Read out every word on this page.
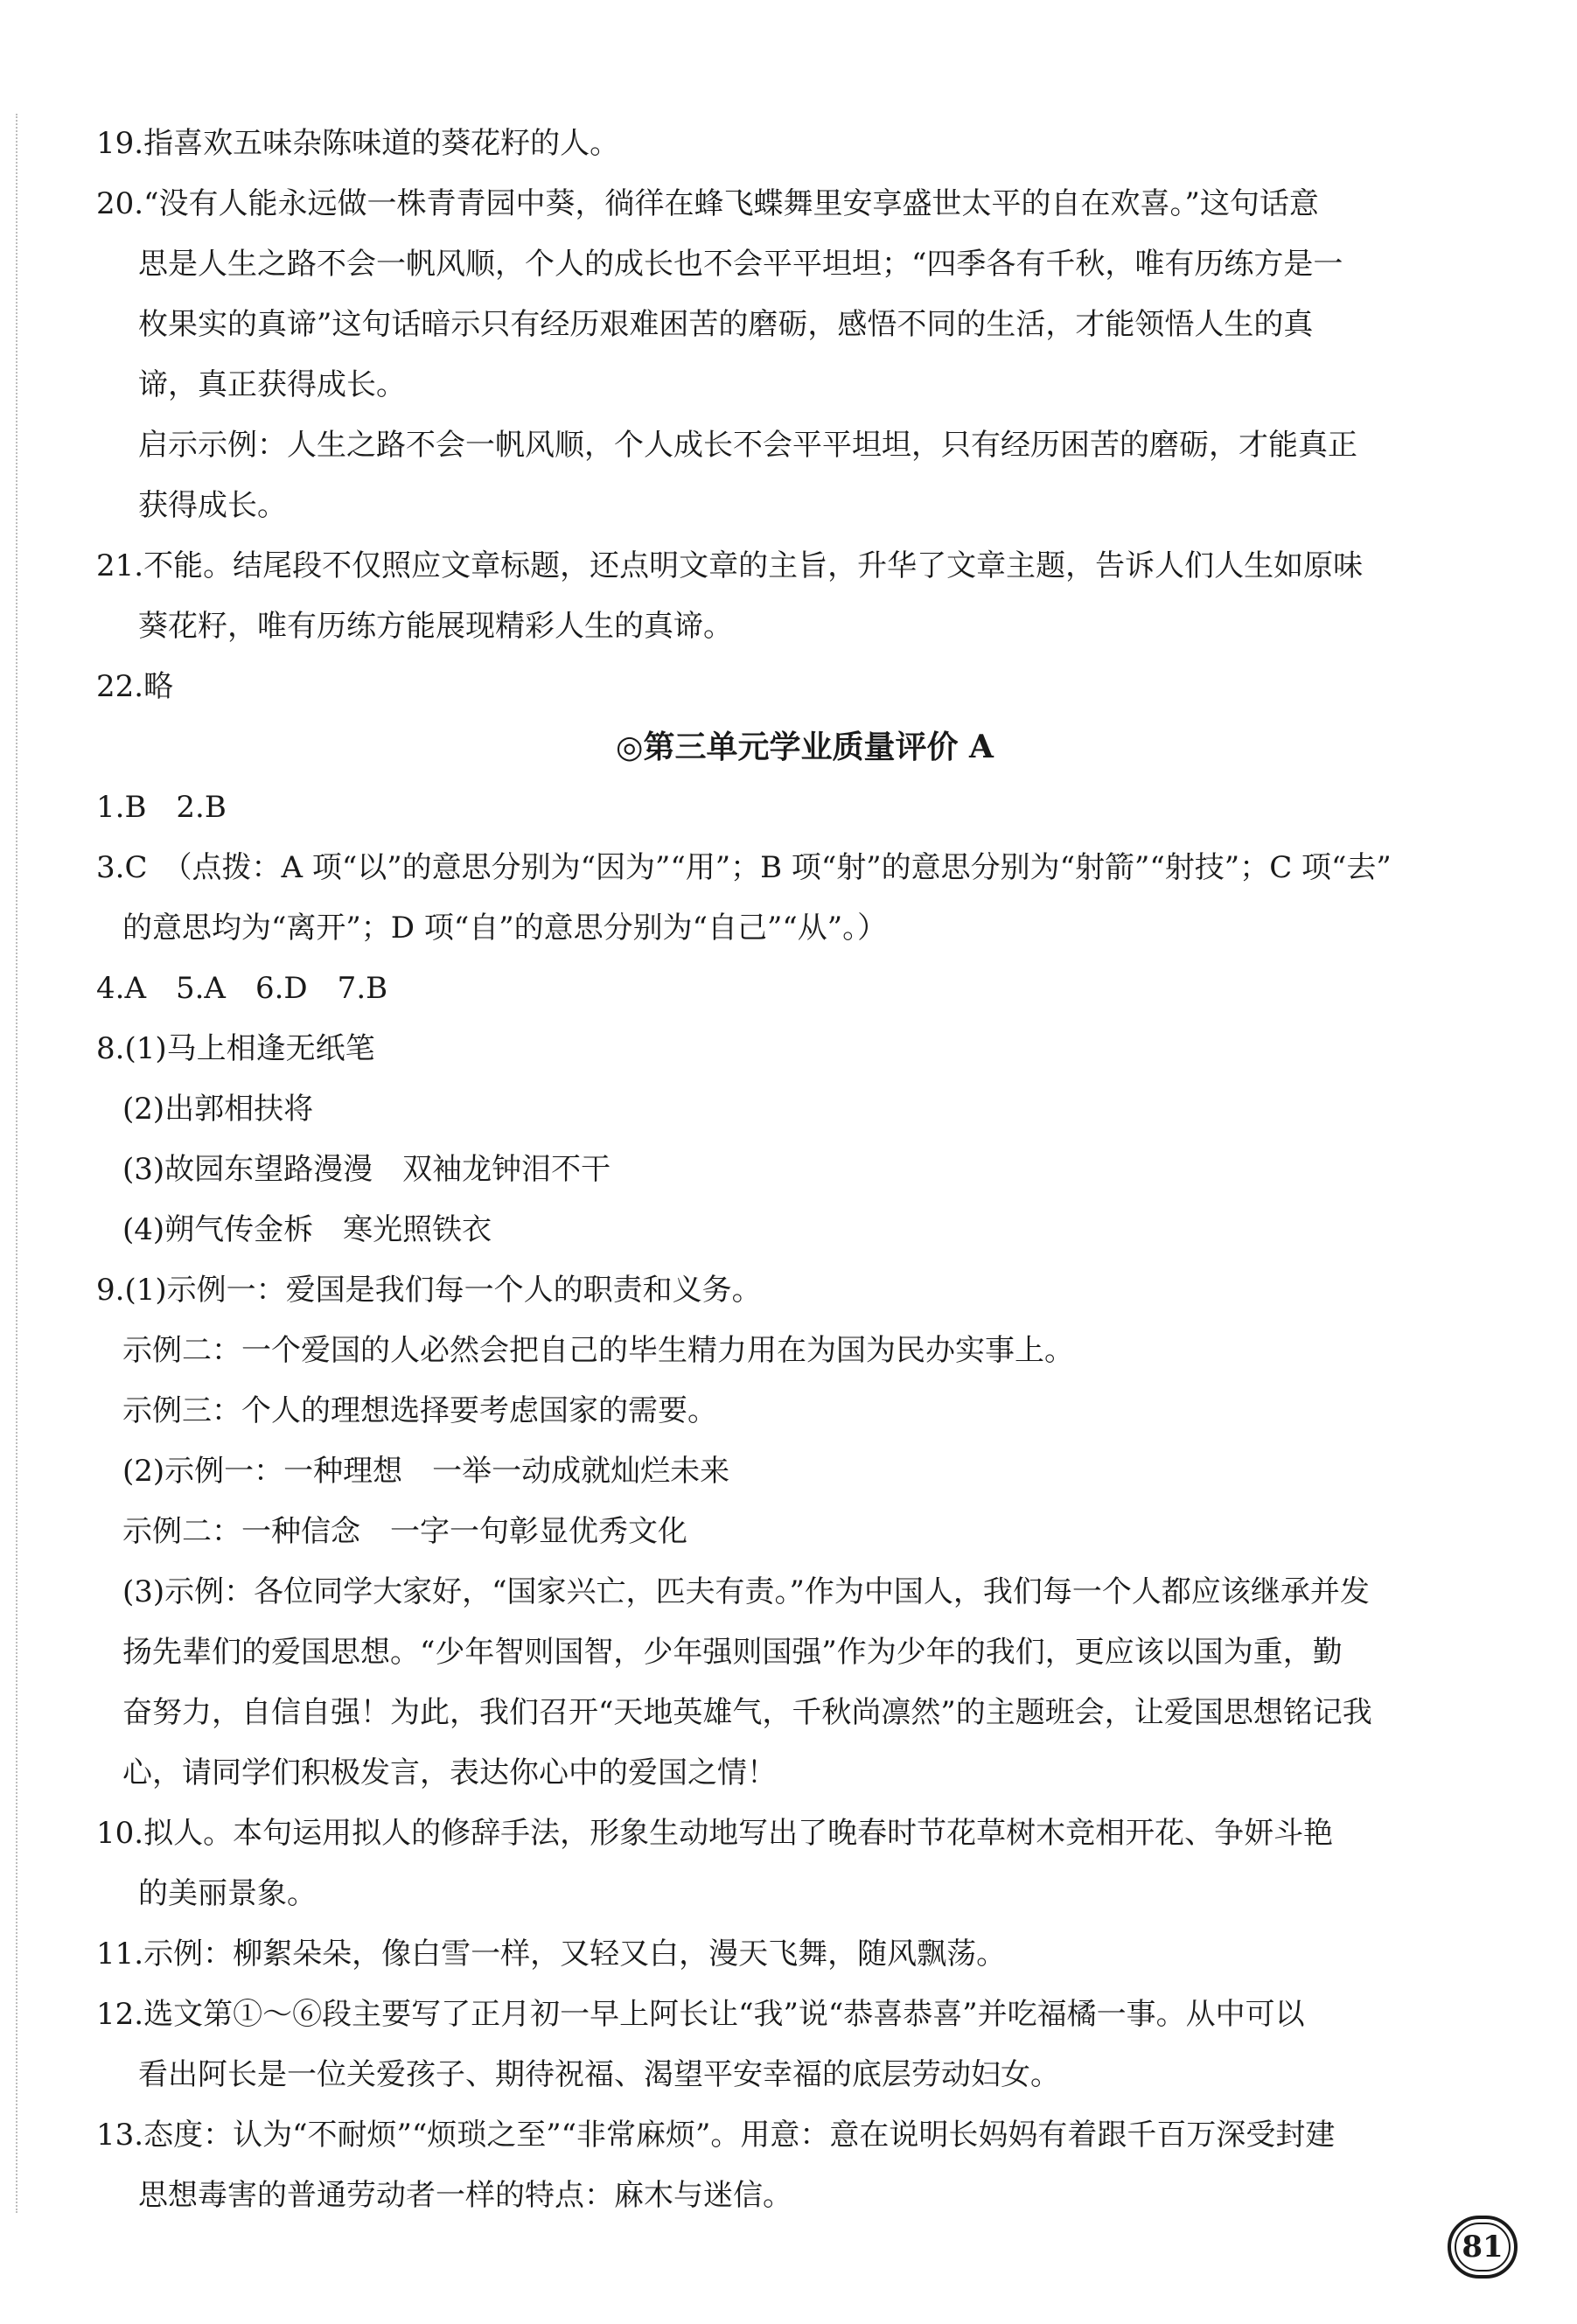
19.指喜欢五味杂陈味道的葵花籽的人。
20.“没有人能永远做一株青青园中葵，徜徉在蜂飞蝶舞里安享盛世太平的自在欢喜。”这句话意
思是人生之路不会一帆风顺，个人的成长也不会平平坦坦；“四季各有千秋，唯有历练方是一
枚果实的真谛”这句话暗示只有经历艰难困苦的磨砺，感悟不同的生活，才能领悟人生的真
谛，真正获得成长。
启示示例：人生之路不会一帆风顺，个人成长不会平平坦坦，只有经历困苦的磨砺，才能真正
获得成长。
21.不能。结尾段不仅照应文章标题，还点明文章的主旨，升华了文章主题，告诉人们人生如原味
葵花籽，唯有历练方能展现精彩人生的真谛。
22.略
◎第三单元学业质量评价 A
1.B　2.B
3.C　（点拨：A 项“以”的意思分别为“因为”“用”；B 项“射”的意思分别为“射箭”“射技”；C 项“去”
的意思均为“离开”；D 项“自”的意思分别为“自己”“从”。）
4.A　5.A　6.D　7.B
8.(1)马上相逢无纸笔
(2)出郭相扶将
(3)故园东望路漫漫　双袖龙钟泪不干
(4)朔气传金柝　寒光照铁衣
9.(1)示例一：爱国是我们每一个人的职责和义务。
示例二：一个爱国的人必然会把自己的毕生精力用在为国为民办实事上。
示例三：个人的理想选择要考虑国家的需要。
(2)示例一：一种理想　一举一动成就灿烂未来
示例二：一种信念　一字一句彰显优秀文化
(3)示例：各位同学大家好，“国家兴亡，匹夫有责。”作为中国人，我们每一个人都应该继承并发
扬先辈们的爱国思想。“少年智则国智，少年强则国强”作为少年的我们，更应该以国为重，勤
奋努力，自信自强！为此，我们召开“天地英雄气，千秋尚凛然”的主题班会，让爱国思想铭记我
心，请同学们积极发言，表达你心中的爱国之情！
10.拟人。本句运用拟人的修辞手法，形象生动地写出了晚春时节花草树木竞相开花、争妍斗艳
的美丽景象。
11.示例：柳絮朵朵，像白雪一样，又轻又白，漫天飞舞，随风飘荡。
12.选文第①～⑥段主要写了正月初一早上阿长让“我”说“恭喜恭喜”并吃福橘一事。从中可以
看出阿长是一位关爱孩子、期待祝福、渴望平安幸福的底层劳动妇女。
13.态度：认为“不耐烦”“烦琐之至”“非常麻烦”。用意：意在说明长妈妈有着跟千百万深受封建
思想毒害的普通劳动者一样的特点：麻木与迷信。
81
